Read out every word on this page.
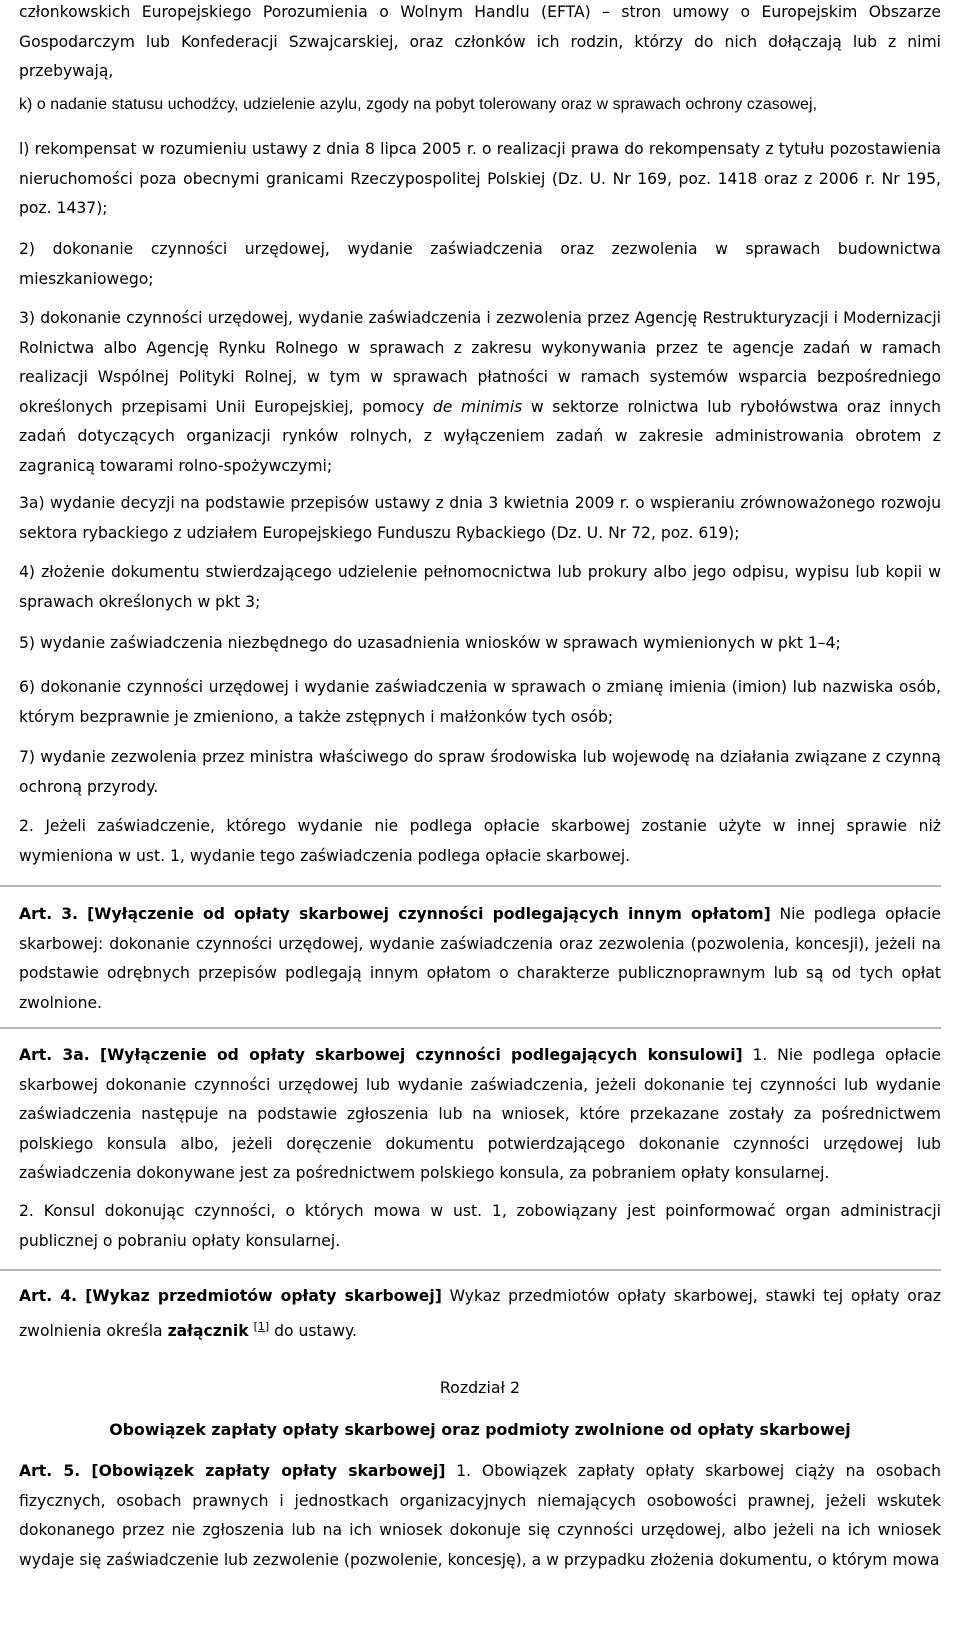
członkowskich Europejskiego Porozumienia o Wolnym Handlu (EFTA) – stron umowy o Europejskim Obszarze Gospodarczym lub Konfederacji Szwajcarskiej, oraz członków ich rodzin, którzy do nich dołączają lub z nimi przebywają,

k) o nadanie statusu uchodźcy, udzielenie azylu, zgody na pobyt tolerowany oraz w sprawach ochrony czasowej,

l) rekompensat w rozumieniu ustawy z dnia 8 lipca 2005 r. o realizacji prawa do rekompensaty z tytułu pozostawienia nieruchomości poza obecnymi granicami Rzeczypospolitej Polskiej (Dz. U. Nr 169, poz. 1418 oraz z 2006 r. Nr 195, poz. 1437);

2) dokonanie czynności urzędowej, wydanie zaświadczenia oraz zezwolenia w sprawach budownictwa mieszkaniowego;

3) dokonanie czynności urzędowej, wydanie zaświadczenia i zezwolenia przez Agencję Restrukturyzacji i Modernizacji Rolnictwa albo Agencję Rynku Rolnego w sprawach z zakresu wykonywania przez te agencje zadań w ramach realizacji Wspólnej Polityki Rolnej, w tym w sprawach płatności w ramach systemów wsparcia bezpośredniego określonych przepisami Unii Europejskiej, pomocy de minimis w sektorze rolnictwa lub rybołówstwa oraz innych zadań dotyczących organizacji rynków rolnych, z wyłączeniem zadań w zakresie administrowania obrotem z zagranicą towarami rolno-spożywczymi;

3a) wydanie decyzji na podstawie przepisów ustawy z dnia 3 kwietnia 2009 r. o wspieraniu zrównoważonego rozwoju sektora rybackiego z udziałem Europejskiego Funduszu Rybackiego (Dz. U. Nr 72, poz. 619);

4) złożenie dokumentu stwierdzającego udzielenie pełnomocnictwa lub prokury albo jego odpisu, wypisu lub kopii w sprawach określonych w pkt 3;

5) wydanie zaświadczenia niezbędnego do uzasadnienia wniosków w sprawach wymienionych w pkt 1–4;

6) dokonanie czynności urzędowej i wydanie zaświadczenia w sprawach o zmianę imienia (imion) lub nazwiska osób, którym bezprawnie je zmieniono, a także zstępnych i małżonków tych osób;

7) wydanie zezwolenia przez ministra właściwego do spraw środowiska lub wojewodę na działania związane z czynną ochroną przyrody.

2. Jeżeli zaświadczenie, którego wydanie nie podlega opłacie skarbowej zostanie użyte w innej sprawie niż wymieniona w ust. 1, wydanie tego zaświadczenia podlega opłacie skarbowej.

Art. 3. [Wyłączenie od opłaty skarbowej czynności podlegających innym opłatom] Nie podlega opłacie skarbowej: dokonanie czynności urzędowej, wydanie zaświadczenia oraz zezwolenia (pozwolenia, koncesji), jeżeli na podstawie odrębnych przepisów podlegają innym opłatom o charakterze publicznoprawnym lub są od tych opłat zwolnione.

Art. 3a. [Wyłączenie od opłaty skarbowej czynności podlegających konsulowi] 1. Nie podlega opłacie skarbowej dokonanie czynności urzędowej lub wydanie zaświadczenia, jeżeli dokonanie tej czynności lub wydanie zaświadczenia następuje na podstawie zgłoszenia lub na wniosek, które przekazane zostały za pośrednictwem polskiego konsula albo, jeżeli doręczenie dokumentu potwierdzającego dokonanie czynności urzędowej lub zaświadczenia dokonywane jest za pośrednictwem polskiego konsula, za pobraniem opłaty konsularnej.

2. Konsul dokonując czynności, o których mowa w ust. 1, zobowiązany jest poinformować organ administracji publicznej o pobraniu opłaty konsularnej.

Art. 4. [Wykaz przedmiotów opłaty skarbowej] Wykaz przedmiotów opłaty skarbowej, stawki tej opłaty oraz zwolnienia określa załącznik [1] do ustawy.

Rozdział 2

Obowiązek zapłaty opłaty skarbowej oraz podmioty zwolnione od opłaty skarbowej

Art. 5. [Obowiązek zapłaty opłaty skarbowej] 1. Obowiązek zapłaty opłaty skarbowej ciąży na osobach fizycznych, osobach prawnych i jednostkach organizacyjnych niemających osobowości prawnej, jeżeli wskutek dokonanego przez nie zgłoszenia lub na ich wniosek dokonuje się czynności urzędowej, albo jeżeli na ich wniosek wydaje się zaświadczenie lub zezwolenie (pozwolenie, koncesję), a w przypadku złożenia dokumentu, o którym mowa
